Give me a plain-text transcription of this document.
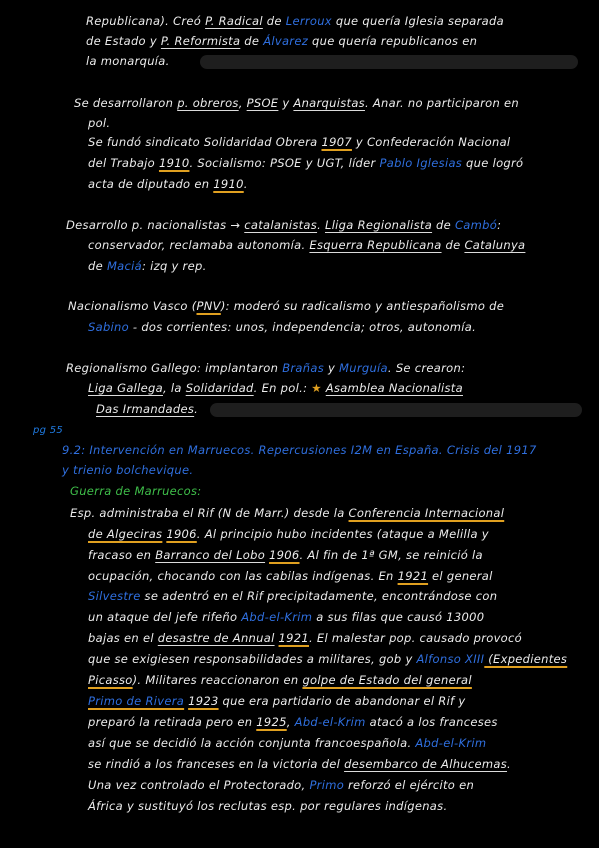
Republicana). Creó P. Radical de Lerroux que quería Iglesia separada
de Estado y P. Reformista de Álvarez que quería republicanos en
la monarquía.
Se desarrollaron p. obreros, PSOE y Anarquistas. Anar. no participaron en
pol.
Se fundó sindicato Solidaridad Obrera 1907 y Confederación Nacional
del Trabajo 1910. Socialismo: PSOE y UGT, líder Pablo Iglesias que logró
acta de diputado en 1910.
Desarrollo p. nacionalistas → catalanistas. Lliga Regionalista de Cambó:
conservador, reclamaba autonomía. Esquerra Republicana de Catalunya
de Maciá: izq y rep.
Nacionalismo Vasco (PNV): moderó su radicalismo y antiespañolismo de
Sabino - dos corrientes: unos, independencia; otros, autonomía.
Regionalismo Gallego: implantaron Brañas y Murguía. Se crearon:
Liga Gallega, la Solidaridad. En pol.: ★ Asamblea Nacionalista
Das Irmandades.
pg 55
9.2: Intervención en Marruecos. Repercusiones I2M en España. Crisis del 1917
y trienio bolchevique.
Guerra de Marruecos:
Esp. administraba el Rif (N de Marr.) desde la Conferencia Internacional
de Algeciras 1906. Al principio hubo incidentes (ataque a Melilla y
fracaso en Barranco del Lobo 1906. Al fin de 1ª GM, se reinició la
ocupación, chocando con las cabilas indígenas. En 1921 el general
Silvestre se adentró en el Rif precipitadamente, encontrándose con
un ataque del jefe rifeño Abd-el-Krim a sus filas que causó 13000
bajas en el desastre de Annual 1921. El malestar pop. causado provocó
que se exigiesen responsabilidades a militares, gob y Alfonso XIII (Expedientes
Picasso). Militares reaccionaron en golpe de Estado del general
Primo de Rivera 1923 que era partidario de abandonar el Rif y
preparó la retirada pero en 1925, Abd-el-Krim atacó a los franceses
así que se decidió la acción conjunta francoespañola. Abd-el-Krim
se rindió a los franceses en la victoria del desembarco de Alhucemas.
Una vez controlado el Protectorado, Primo reforzó el ejército en
África y sustituyó los reclutas esp. por regulares indígenas.
